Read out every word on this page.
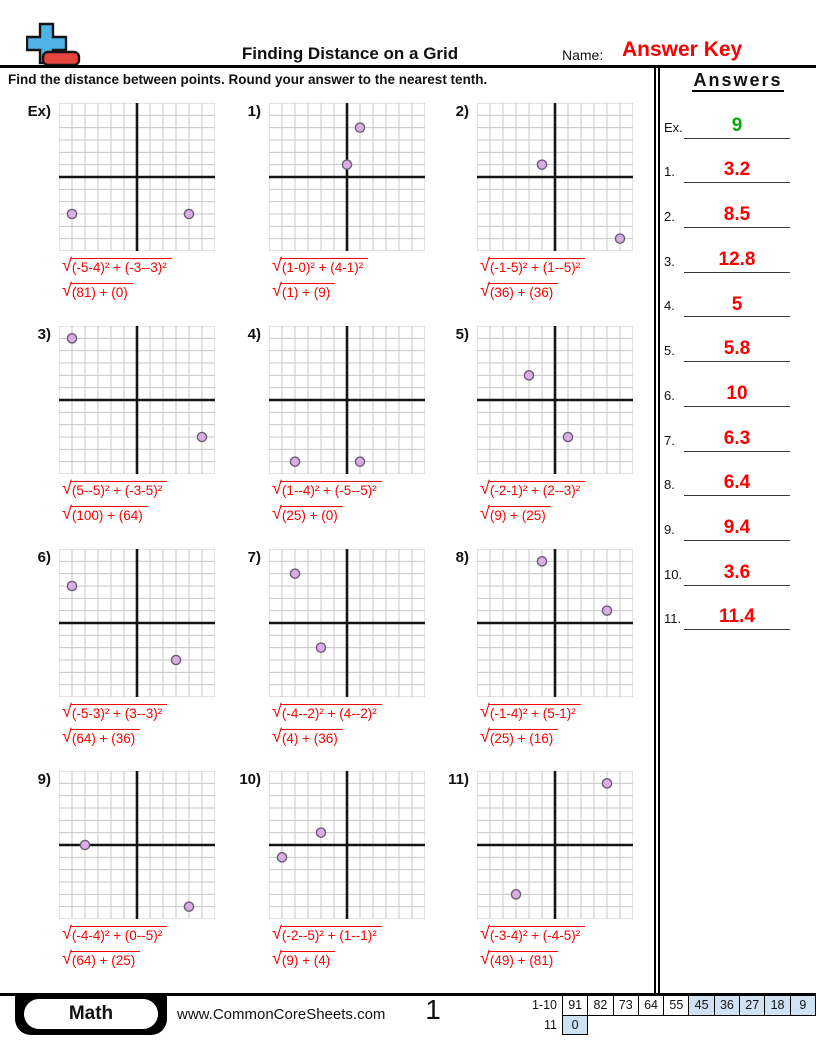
Finding Distance on a Grid	Name: Answer Key
Find the distance between points. Round your answer to the nearest tenth.
Ex)
√ (-5-4)² + (-3--3)²
√ (81) + (0)
1)
√ (1-0)² + (4-1)²
√ (1) + (9)
2)
√ (-1-5)² + (1--5)²
√ (36) + (36)
3)
√ (5--5)² + (-3-5)²
√ (100) + (64)
4)
√ (1--4)² + (-5--5)²
√ (25) + (0)
5)
√ (-2-1)² + (2--3)²
√ (9) + (25)
6)
√ (-5-3)² + (3--3)²
√ (64) + (36)
7)
√ (-4--2)² + (4--2)²
√ (4) + (36)
8)
√ (-1-4)² + (5-1)²
√ (25) + (16)
9)
√ (-4-4)² + (0--5)²
√ (64) + (25)
10)
√ (-2--5)² + (1--1)²
√ (9) + (4)
11)
√ (-3-4)² + (-4-5)²
√ (49) + (81)
Answers
Ex.	9
1.	3.2
2.	8.5
3.	12.8
4.	5
5.	5.8
6.	10
7.	6.3
8.	6.4
9.	9.4
10.	3.6
11.	11.4
Math	www.CommonCoreSheets.com	1	1-10 91 82 73 64 55 45 36 27 18	9
11	0
